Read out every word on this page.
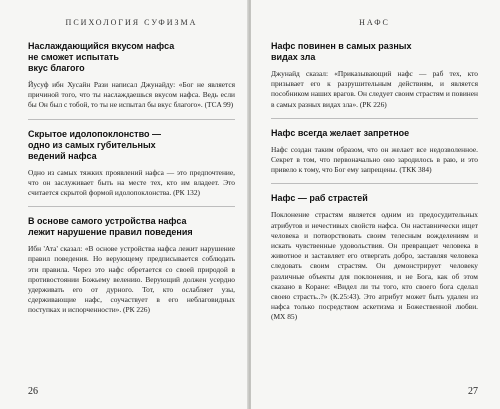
ПСИХОЛОГИЯ СУФИЗМА
Наслаждающийся вкусом нафса
не сможет испытать
вкус благого
Йусуф ибн Хусайн Рази написал Джунайду: «Бог не является причиной того, что ты наслаждаешься вкусом нафса. Ведь если бы Он был с тобой, то ты не испытал бы вкус благого». (TCA 99)
Скрытое идолопоклонство —
одно из самых губительных
ведений нафса
Одно из самых тяжких проявлений нафса — это предпочтение, что он заслуживает быть на месте тех, кто им владеет. Это считается скрытой формой идолопоклонства. (РК 132)
В основе самого устройства нафса
лежит нарушение правил поведения
Ибн 'Ата' сказал: «В основе устройства нафса лежит нарушение правил поведения. Но верующему предписывается соблюдать эти правила. Через это нафс обретается со своей природой в противостоянии Божьему велению. Верующий должен усердно удерживать его от дурного. Тот, кто ослабляет узы, сдерживающие нафс, соучаствует в его неблаговидных поступках и испорченности». (РК 226)
26
НАФС
Нафс повинен в самых разных
видах зла
Джунайд сказал: «Приказывающий нафс — раб тех, кто призывает его к разрушительным действиям, и является пособником наших врагов. Он следует своим страстям и повинен в самых разных видах зла». (РК 226)
Нафс всегда желает запретное
Нафс создан таким образом, что он желает все недозволенное. Секрет в том, что первоначально оно зародилось в раю, и это привело к тому, что Бог ему запрещены. (ТКК 384)
Нафс — раб страстей
Поклонение страстям является одним из предосудительных атрибутов и нечестивых свойств нафса. Он наставнически ищет человека и потворствовать своим телесным вожделениям и искать чувственные удовольствия. Он превращает человека в животное и заставляет его отвергать добро, заставляя человека следовать своим страстям. Он демонстрирует человеку различные объекты для поклонения, и не Бога, как об этом сказано в Коране: «Видел ли ты того, кто своего бога сделал своею страсть..?» (К.25:43). Это атрибут может быть удален из нафса только посредством аскетизма и Божественной любви. (МХ 85)
27
